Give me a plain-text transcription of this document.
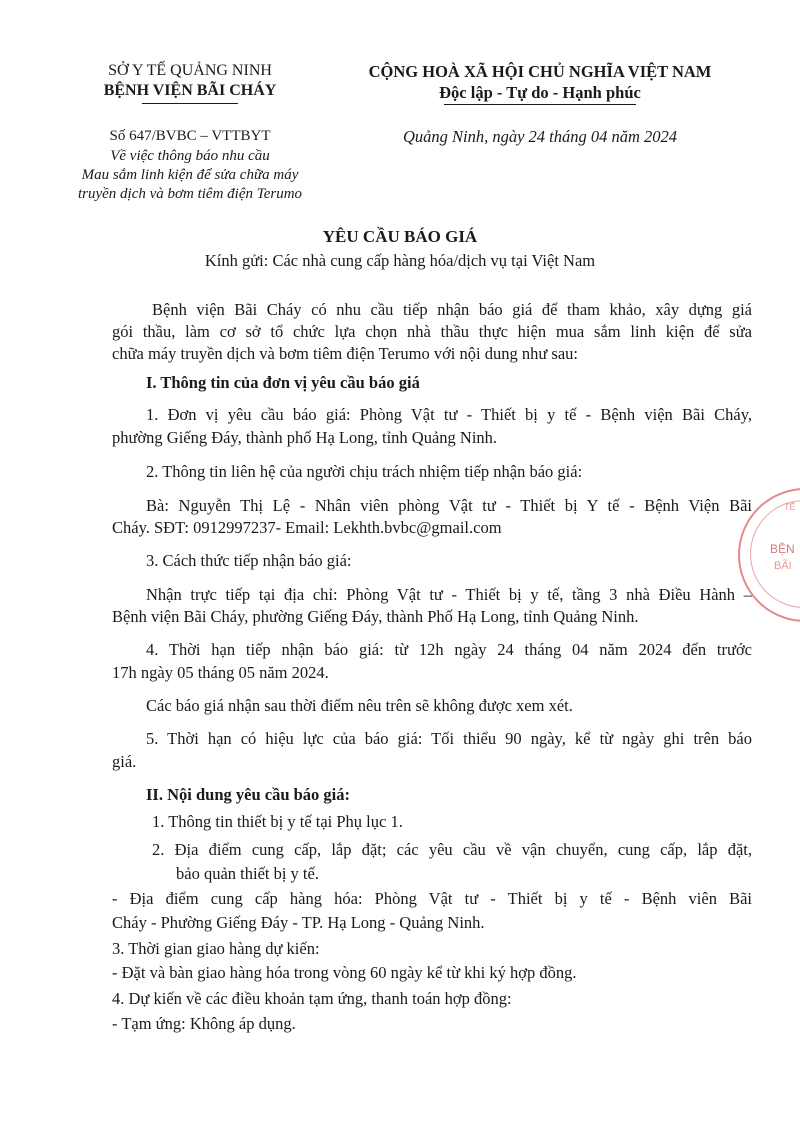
SỞ Y TẾ QUẢNG NINH
BỆNH VIỆN BÃI CHÁY
Số 647/BVBC – VTTBYT
Về việc thông báo nhu cầu
Mau sắm linh kiện để sửa chữa máy
truyền dịch và bơm tiêm điện Terumo
CỘNG HOÀ XÃ HỘI CHỦ NGHĨA VIỆT NAM
Độc lập - Tự do - Hạnh phúc
Quảng Ninh, ngày 24 tháng 04 năm 2024
YÊU CẦU BÁO GIÁ
Kính gửi: Các nhà cung cấp hàng hóa/dịch vụ tại Việt Nam
Bệnh viện Bãi Cháy có nhu cầu tiếp nhận báo giá để tham khảo, xây dựng giá
gói thầu, làm cơ sở tổ chức lựa chọn nhà thầu thực hiện mua sắm linh kiện để sửa
chữa máy truyền dịch và bơm tiêm điện Terumo với nội dung như sau:
I. Thông tin của đơn vị yêu cầu báo giá
1. Đơn vị yêu cầu báo giá: Phòng Vật tư - Thiết bị y tế - Bệnh viện Bãi Cháy,
phường Giếng Đáy, thành phố Hạ Long, tỉnh Quảng Ninh.
2. Thông tin liên hệ của người chịu trách nhiệm tiếp nhận báo giá:
Bà: Nguyễn Thị Lệ - Nhân viên phòng Vật tư - Thiết bị Y tế - Bệnh Viện Bãi
Cháy. SĐT: 0912997237- Email: Lekhth.bvbc@gmail.com
3. Cách thức tiếp nhận báo giá:
Nhận trực tiếp tại địa chỉ: Phòng Vật tư - Thiết bị y tế, tầng 3 nhà Điều Hành –
Bệnh viện Bãi Cháy, phường Giếng Đáy, thành Phố Hạ Long, tỉnh Quảng Ninh.
4. Thời hạn tiếp nhận báo giá: từ 12h ngày 24 tháng 04 năm 2024 đến trước
17h ngày 05 tháng 05 năm 2024.
Các báo giá nhận sau thời điểm nêu trên sẽ không được xem xét.
5. Thời hạn có hiệu lực của báo giá: Tối thiểu 90 ngày, kể từ ngày ghi trên báo
giá.
II. Nội dung yêu cầu báo giá:
1. Thông tin thiết bị y tế tại Phụ lục 1.
2. Địa điểm cung cấp, lắp đặt; các yêu cầu về vận chuyển, cung cấp, lắp đặt,
bảo quản thiết bị y tế.
- Địa điểm cung cấp hàng hóa: Phòng Vật tư - Thiết bị y tế - Bệnh viên Bãi
Cháy - Phường Giếng Đáy - TP. Hạ Long - Quảng Ninh.
3. Thời gian giao hàng dự kiến:
- Đặt và bàn giao hàng hóa trong vòng 60 ngày kể từ khi ký hợp đồng.
4. Dự kiến về các điều khoản tạm ứng, thanh toán hợp đồng:
- Tạm ứng: Không áp dụng.
TẾ
BỆN
BÃI
